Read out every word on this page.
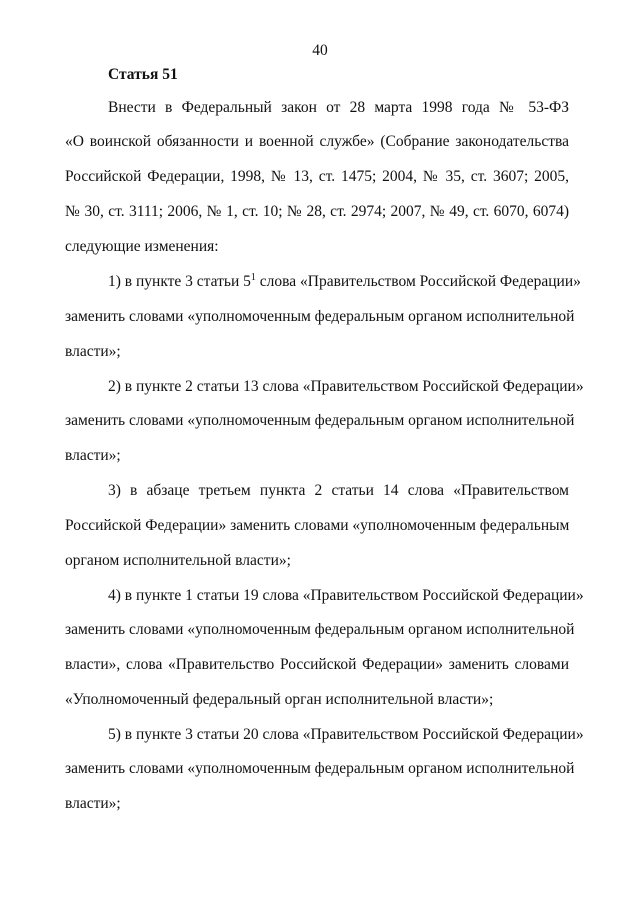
40
Статья 51
Внести в Федеральный закон от 28 марта 1998 года № 53-ФЗ
«О воинской обязанности и военной службе» (Собрание законодательства
Российской Федерации, 1998, № 13, ст. 1475; 2004, № 35, ст. 3607; 2005,
№ 30, ст. 3111; 2006, № 1, ст. 10; № 28, ст. 2974; 2007, № 49, ст. 6070, 6074)
следующие изменения:
1) в пункте 3 статьи $5^1$ слова «Правительством Российской Федерации»
заменить словами «уполномоченным федеральным органом исполнительной
власти»;
2) в пункте 2 статьи 13 слова «Правительством Российской Федерации»
заменить словами «уполномоченным федеральным органом исполнительной
власти»;
3) в абзаце третьем пункта 2 статьи 14 слова «Правительством
Российской Федерации» заменить словами «уполномоченным федеральным
органом исполнительной власти»;
4) в пункте 1 статьи 19 слова «Правительством Российской Федерации»
заменить словами «уполномоченным федеральным органом исполнительной
власти», слова «Правительство Российской Федерации» заменить словами
«Уполномоченный федеральный орган исполнительной власти»;
5) в пункте 3 статьи 20 слова «Правительством Российской Федерации»
заменить словами «уполномоченным федеральным органом исполнительной
власти»;
